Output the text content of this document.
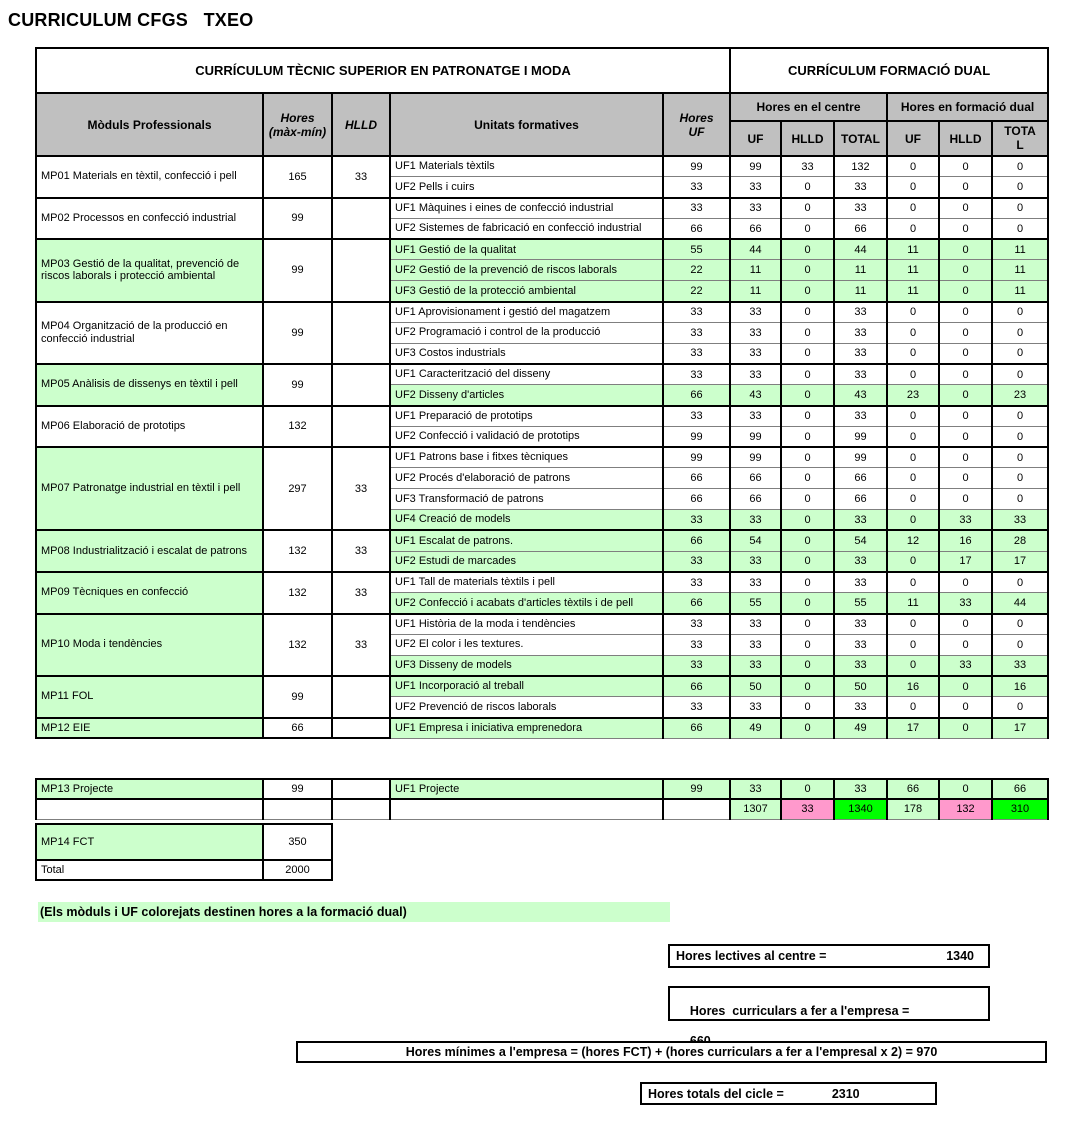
CURRICULUM CFGS   TXEO
CURRÍCULUM TÈCNIC SUPERIOR EN PATRONATGE I MODA					CURRÍCULUM FORMACIÓ DUAL					
Mòduls Professionals	Hores
(màx-mín)	HLLD	Unitats formatives	Hores
UF	Hores en el centre			Hores en formació dual		
					UF	HLLD	TOTAL	UF	HLLD	TOTAL
MP01 Materials en tèxtil, confecció i pell	165	33	UF1 Materials tèxtils	99	99	33	132	0	0	0
			UF2 Pells i cuirs	33	33	0	33	0	0	0
MP02 Processos en confecció industrial	99		UF1 Màquines i eines de confecció industrial	33	33	0	33	0	0	0
			UF2 Sistemes de fabricació en confecció industrial	66	66	0	66	0	0	0
MP03 Gestió de la qualitat, prevenció de riscos laborals i protecció ambiental	99		UF1 Gestió de la qualitat	55	44	0	44	11	0	11
			UF2 Gestió de la prevenció de riscos laborals	22	11	0	11	11	0	11
			UF3 Gestió de la protecció ambiental	22	11	0	11	11	0	11
MP04 Organització de la producció en confecció industrial	99		UF1 Aprovisionament i gestió del magatzem	33	33	0	33	0	0	0
			UF2 Programació i control de la producció	33	33	0	33	0	0	0
			UF3 Costos industrials	33	33	0	33	0	0	0
MP05 Anàlisis de dissenys en tèxtil i pell	99		UF1 Caracterització del disseny	33	33	0	33	0	0	0
			UF2 Disseny d'articles	66	43	0	43	23	0	23
MP06 Elaboració de prototips	132		UF1 Preparació de prototips	33	33	0	33	0	0	0
			UF2 Confecció i validació de prototips	99	99	0	99	0	0	0
MP07 Patronatge industrial en tèxtil i pell	297	33	UF1 Patrons base i fitxes tècniques	99	99	0	99	0	0	0
			UF2 Procés d'elaboració de patrons	66	66	0	66	0	0	0
			UF3 Transformació de patrons	66	66	0	66	0	0	0
			UF4 Creació de models	33	33	0	33	0	33	33
MP08 Industrialització i escalat de patrons	132	33	UF1 Escalat de patrons.	66	54	0	54	12	16	28
			UF2 Estudi de marcades	33	33	0	33	0	17	17
MP09 Tècniques en confecció	132	33	UF1 Tall de materials tèxtils i pell	33	33	0	33	0	0	0
			UF2 Confecció i acabats d'articles tèxtils i de pell	66	55	0	55	11	33	44
MP10 Moda i tendències	132	33	UF1 Història de la moda i tendències	33	33	0	33	0	0	0
			UF2 El color i les textures.	33	33	0	33	0	0	0
			UF3 Disseny de models	33	33	0	33	0	33	33
MP11 FOL	99		UF1 Incorporació al treball	66	50	0	50	16	0	16
			UF2 Prevenció de riscos laborals	33	33	0	33	0	0	0
MP12 EIE	66		UF1 Empresa i iniciativa emprenedora	66	49	0	49	17	0	17
MP13 Projecte	99		UF1 Projecte	99	33	0	33	66	0	66
					1307	33	1340	178	132	310
MP14 FCT	350
Total	2000
(Els mòduls i UF colorejats destinen hores a la formació dual)
Hores lectives al centre =	1340

Hores  curriculars a fer a l'empresa =

Hores mínimes a l'empresa = (hores FCT) + (hores curriculars a fer a l'empresal x 2) = 970
Hores totals del cicle =	2310
